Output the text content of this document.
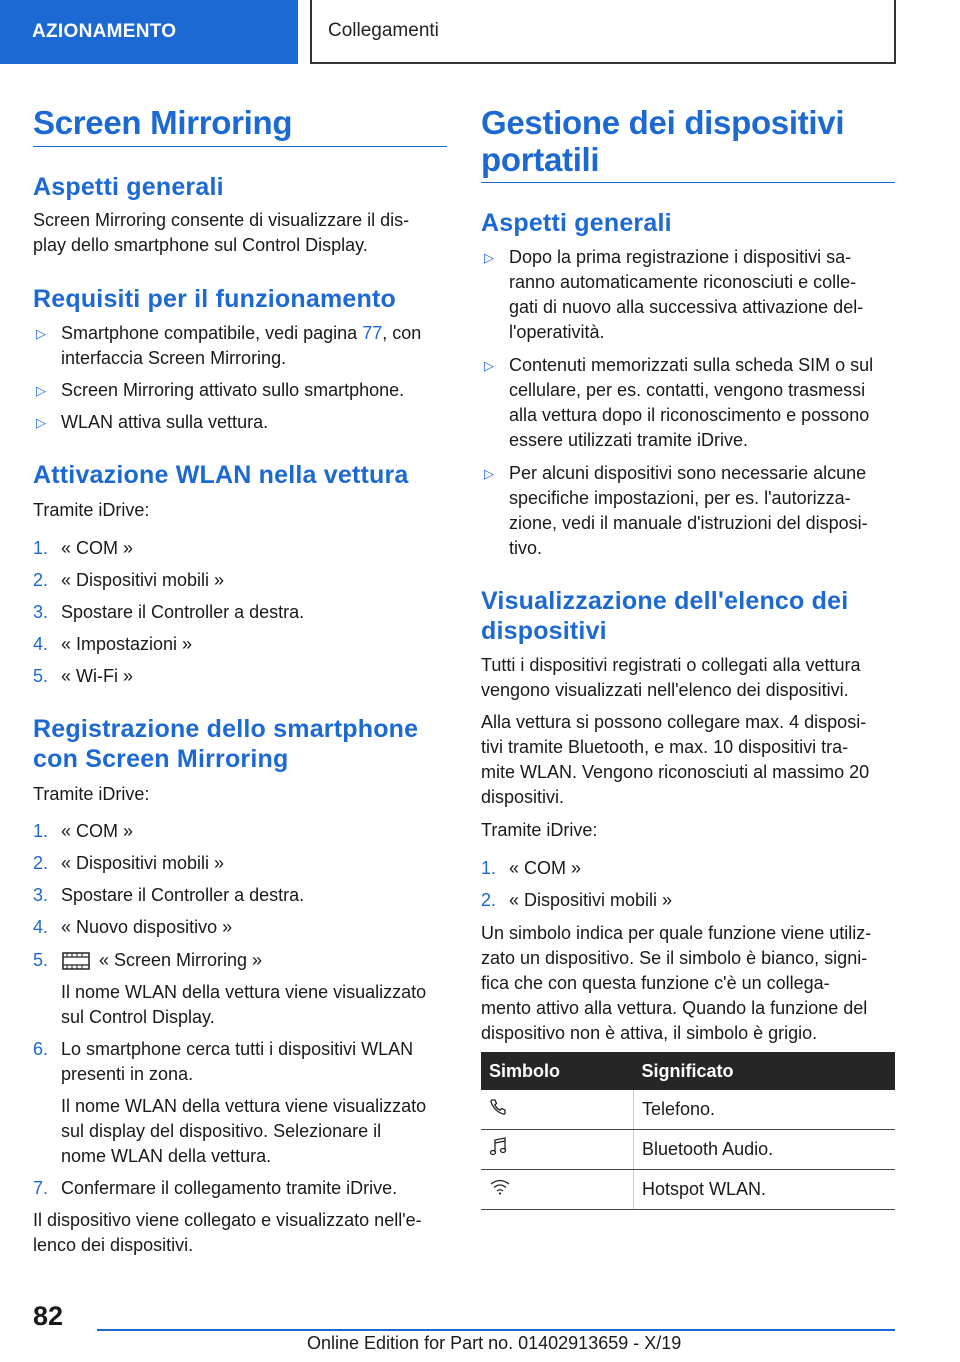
AZIONAMENTO	Collegamenti
Screen Mirroring
Aspetti generali
Screen Mirroring consente di visualizzare il dis-
play dello smartphone sul Control Display.
Requisiti per il funzionamento
▷ Smartphone compatibile, vedi pagina 77, con
interfaccia Screen Mirroring.
▷ Screen Mirroring attivato sullo smartphone.
▷ WLAN attiva sulla vettura.
Attivazione WLAN nella vettura
Tramite iDrive:
1. « COM »
2. « Dispositivi mobili »
3. Spostare il Controller a destra.
4. « Impostazioni »
5. « Wi-Fi »
Registrazione dello smartphone
con Screen Mirroring
Tramite iDrive:
1. « COM »
2. « Dispositivi mobili »
3. Spostare il Controller a destra.
4. « Nuovo dispositivo »
5.	« Screen Mirroring »
Il nome WLAN della vettura viene visualizzato
sul Control Display.
6. Lo smartphone cerca tutti i dispositivi WLAN
presenti in zona.
Il nome WLAN della vettura viene visualizzato
sul display del dispositivo. Selezionare il
nome WLAN della vettura.
7. Confermare il collegamento tramite iDrive.
Il dispositivo viene collegato e visualizzato nell'e-
lenco dei dispositivi.
Gestione dei dispositivi
portatili
Aspetti generali
▷ Dopo la prima registrazione i dispositivi sa-
ranno automaticamente riconosciuti e colle-
gati di nuovo alla successiva attivazione del-
l'operatività.
▷ Contenuti memorizzati sulla scheda SIM o sul
cellulare, per es. contatti, vengono trasmessi
alla vettura dopo il riconoscimento e possono
essere utilizzati tramite iDrive.
▷ Per alcuni dispositivi sono necessarie alcune
specifiche impostazioni, per es. l'autorizza-
zione, vedi il manuale d'istruzioni del disposi-
tivo.
Visualizzazione dell'elenco dei
dispositivi
Tutti i dispositivi registrati o collegati alla vettura
vengono visualizzati nell'elenco dei dispositivi.
Alla vettura si possono collegare max. 4 disposi-
tivi tramite Bluetooth, e max. 10 dispositivi tra-
mite WLAN. Vengono riconosciuti al massimo 20
dispositivi.
Tramite iDrive:
1. « COM »
2. « Dispositivi mobili »
Un simbolo indica per quale funzione viene utiliz-
zato un dispositivo. Se il simbolo è bianco, signi-
fica che con questa funzione c'è un collega-
mento attivo alla vettura. Quando la funzione del
dispositivo non è attiva, il simbolo è grigio.
Simbolo	Significato
	Telefono.
	Bluetooth Audio.
	Hotspot WLAN.
82
Online Edition for Part no. 01402913659 - X/19
